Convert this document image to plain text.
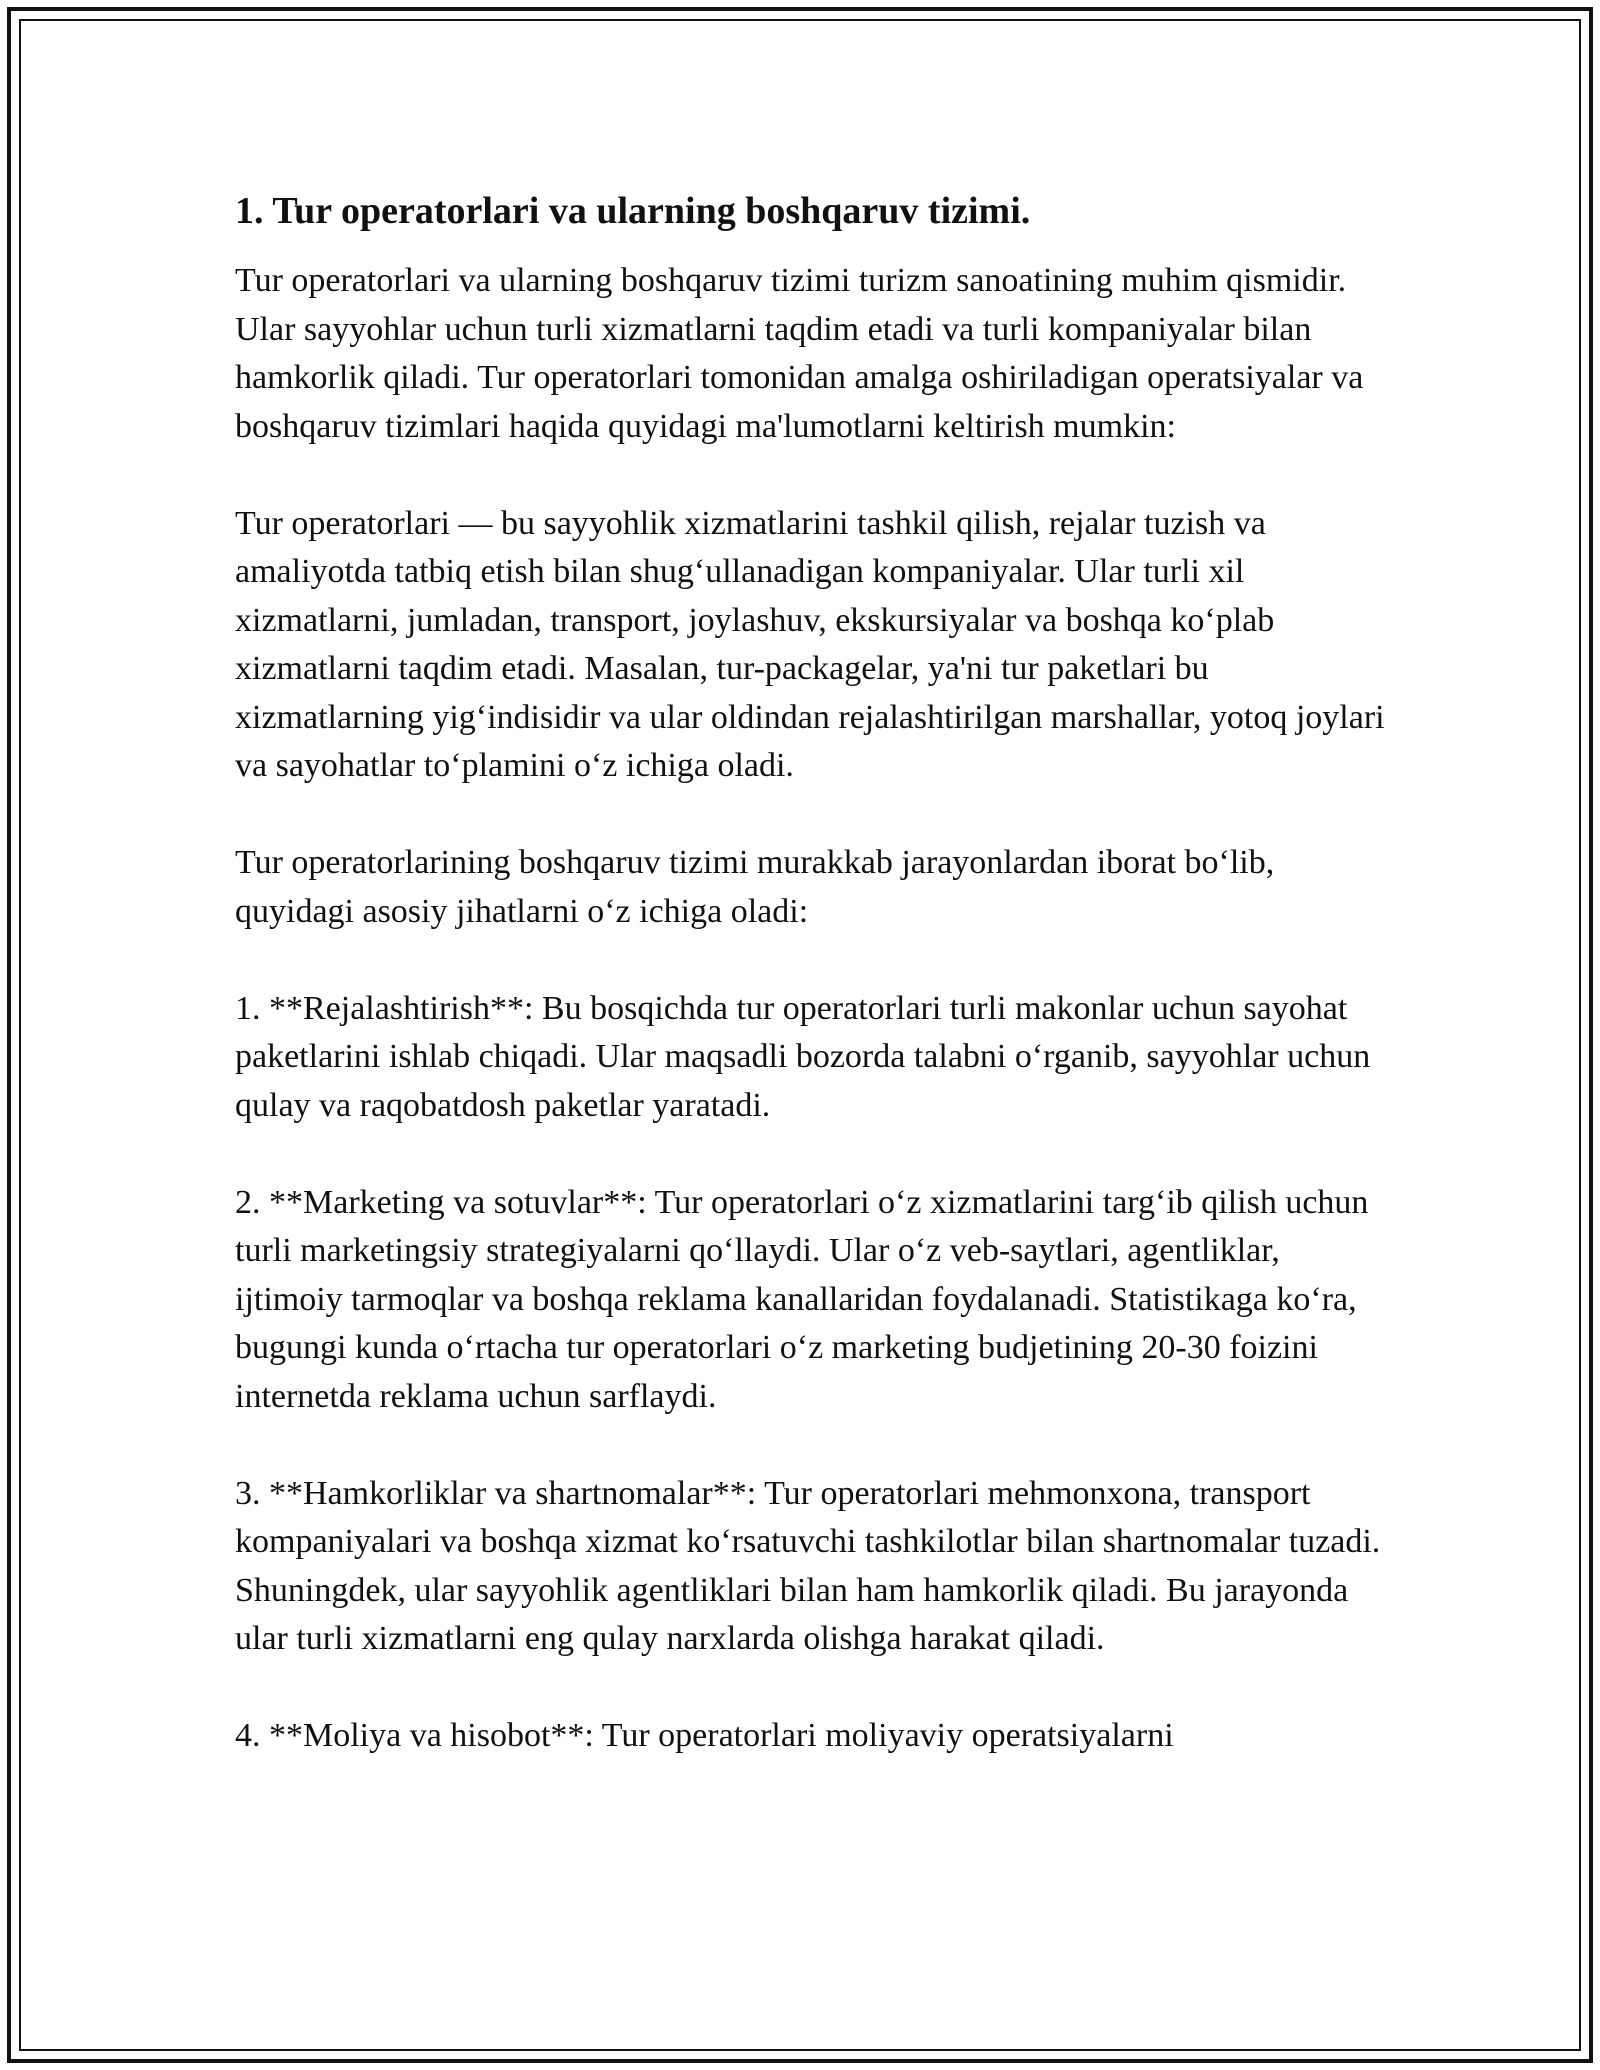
1. Tur operatorlari va ularning boshqaruv tizimi.

Tur operatorlari va ularning boshqaruv tizimi turizm sanoatining muhim qismidir. Ular sayyohlar uchun turli xizmatlarni taqdim etadi va turli kompaniyalar bilan hamkorlik qiladi. Tur operatorlari tomonidan amalga oshiriladigan operatsiyalar va boshqaruv tizimlari haqida quyidagi ma'lumotlarni keltirish mumkin:

Tur operatorlari — bu sayyohlik xizmatlarini tashkil qilish, rejalar tuzish va amaliyotda tatbiq etish bilan shugʻullanadigan kompaniyalar. Ular turli xil xizmatlarni, jumladan, transport, joylashuv, ekskursiyalar va boshqa koʻplab xizmatlarni taqdim etadi. Masalan, tur-packagelar, ya'ni tur paketlari bu xizmatlarning yigʻindisidir va ular oldindan rejalashtirilgan marshallar, yotoq joylari va sayohatlar toʻplamini oʻz ichiga oladi.

Tur operatorlarining boshqaruv tizimi murakkab jarayonlardan iborat boʻlib, quyidagi asosiy jihatlarni oʻz ichiga oladi:

1. **Rejalashtirish**: Bu bosqichda tur operatorlari turli makonlar uchun sayohat paketlarini ishlab chiqadi. Ular maqsadli bozorda talabni oʻrganib, sayyohlar uchun qulay va raqobatdosh paketlar yaratadi.

2. **Marketing va sotuvlar**: Tur operatorlari oʻz xizmatlarini targʻib qilish uchun turli marketingsiy strategiyalarni qoʻllaydi. Ular oʻz veb-saytlari, agentliklar, ijtimoiy tarmoqlar va boshqa reklama kanallaridan foydalanadi. Statistikaga koʻra, bugungi kunda oʻrtacha tur operatorlari oʻz marketing budjetining 20-30 foizini internetda reklama uchun sarflaydi.

3. **Hamkorliklar va shartnomalar**: Tur operatorlari mehmonxona, transport kompaniyalari va boshqa xizmat koʻrsatuvchi tashkilotlar bilan shartnomalar tuzadi. Shuningdek, ular sayyohlik agentliklari bilan ham hamkorlik qiladi. Bu jarayonda ular turli xizmatlarni eng qulay narxlarda olishga harakat qiladi.

4. **Moliya va hisobot**: Tur operatorlari moliyaviy operatsiyalarni
